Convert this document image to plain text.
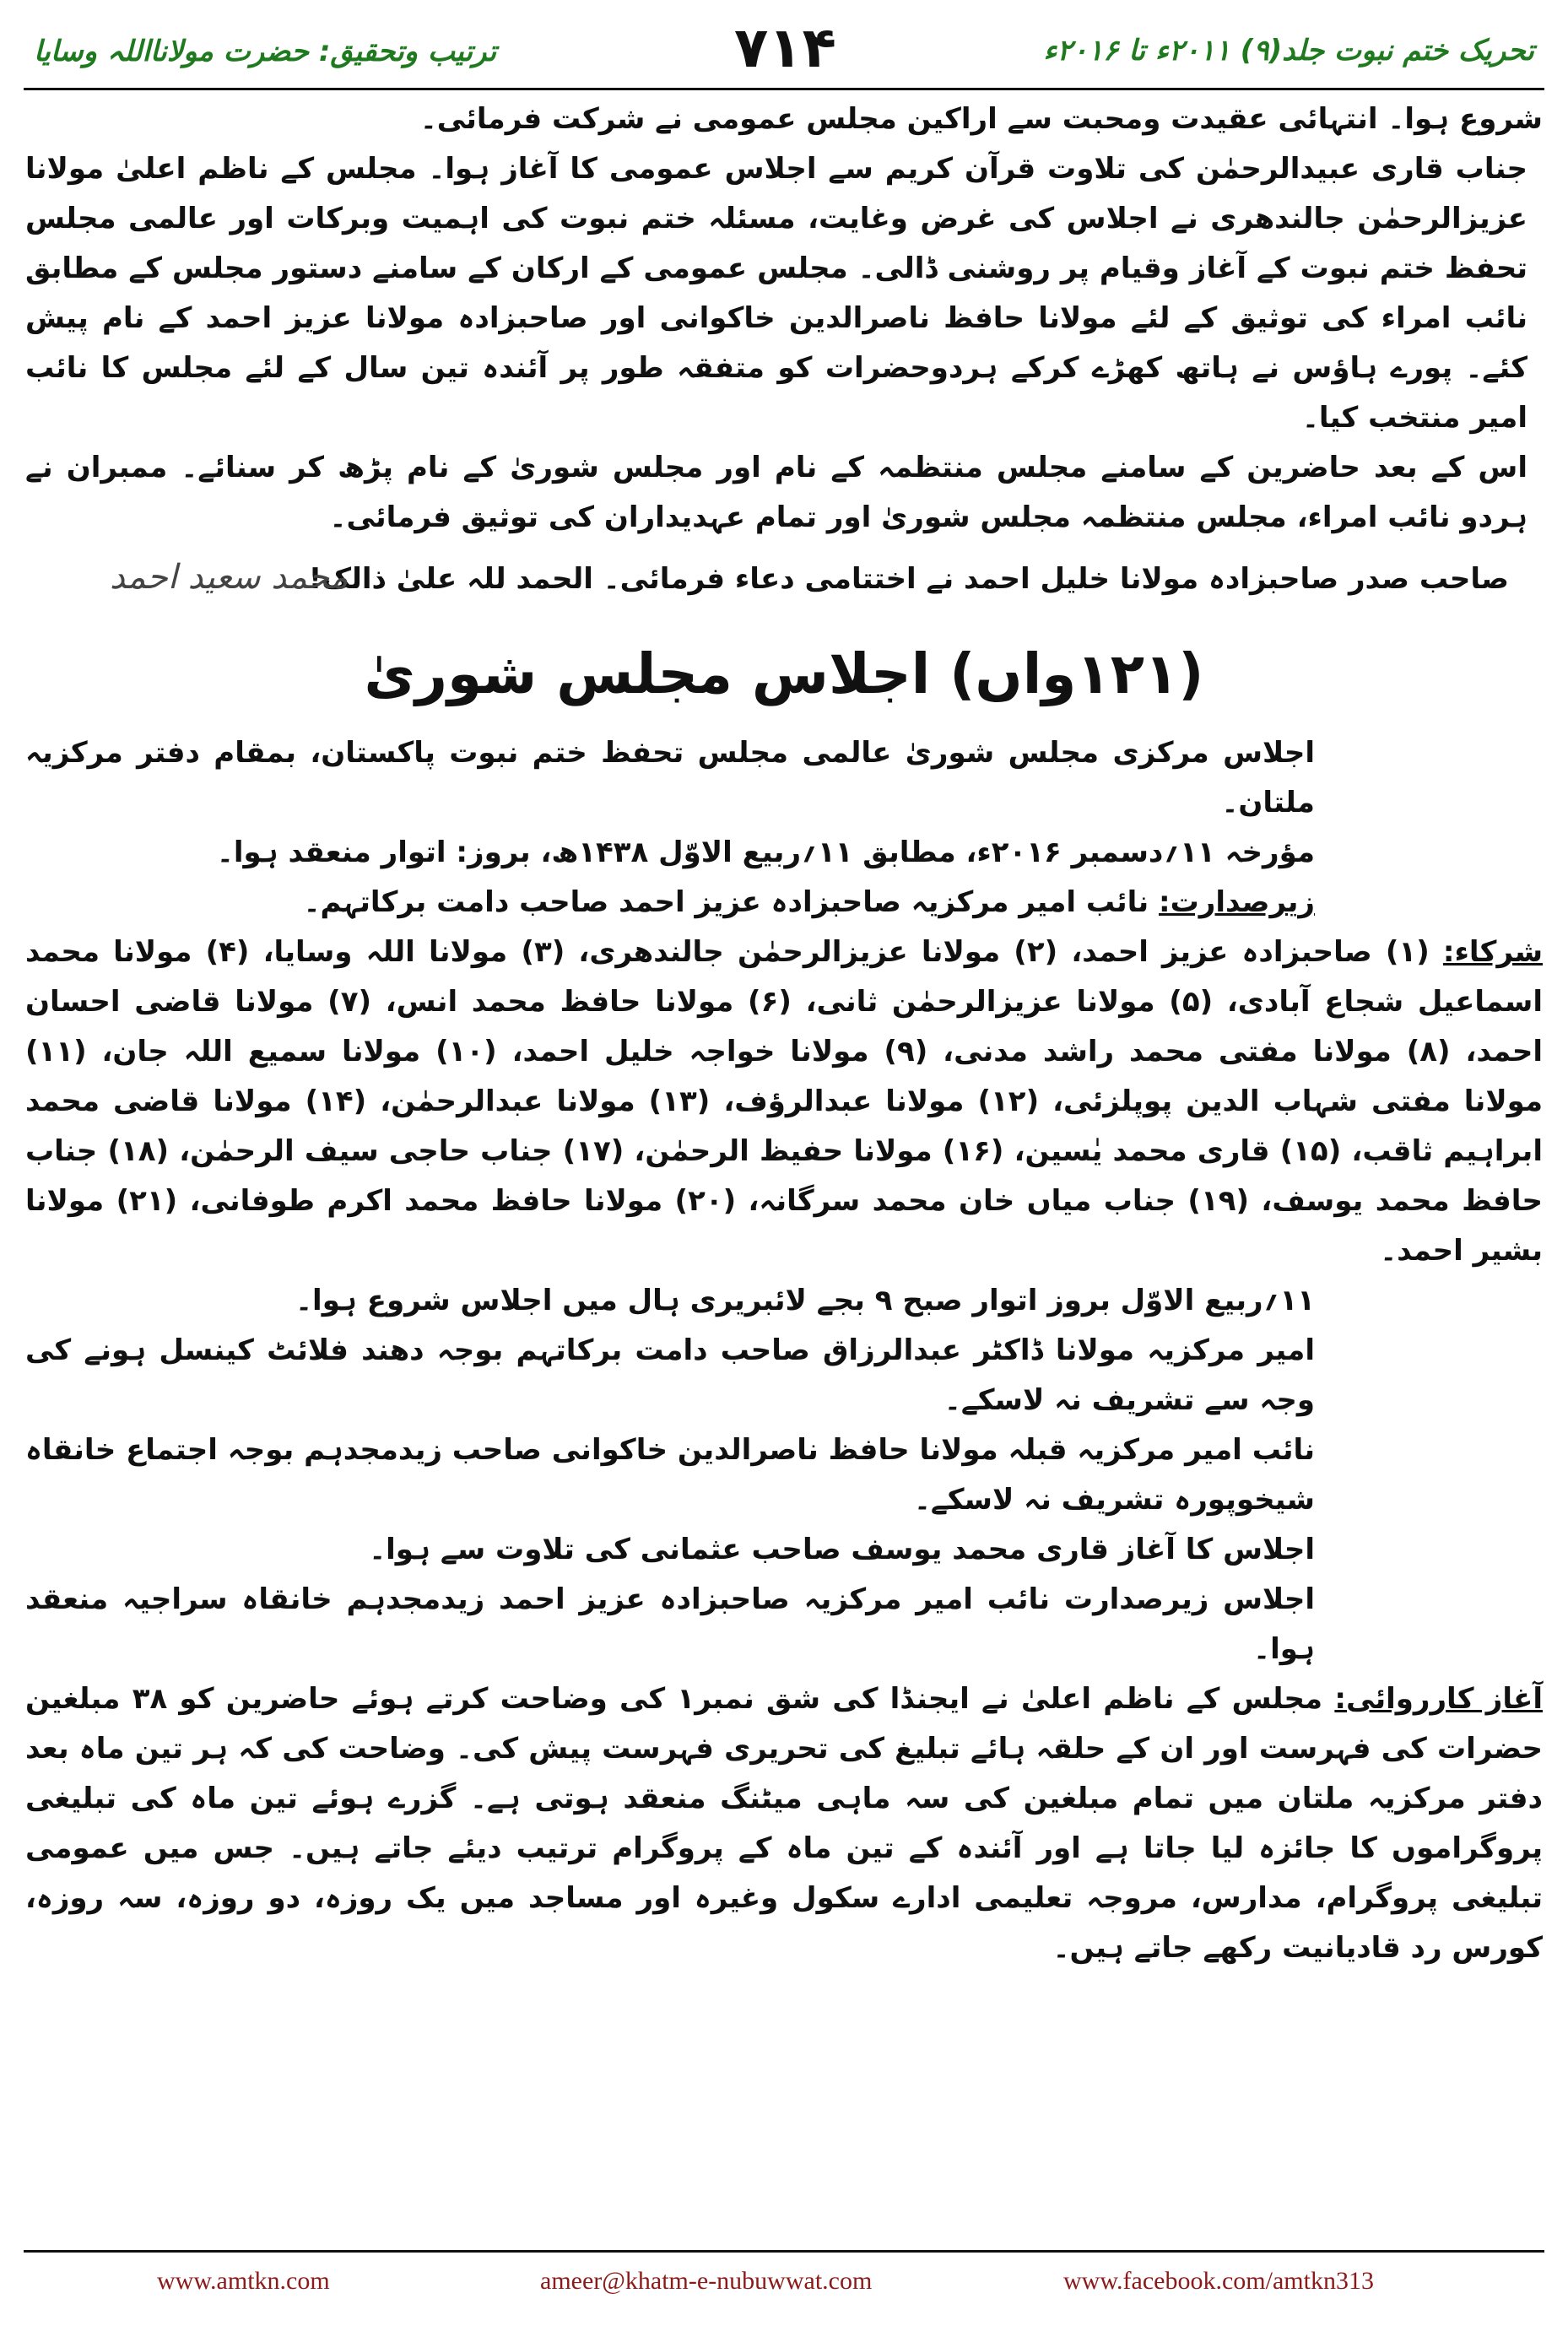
تحریک ختم نبوت جلد(۹) ۲۰۱۱ء تا ۲۰۱۶ء
۷۱۴
ترتیب وتحقیق: حضرت مولانااللہ وسایا

شروع ہوا۔ انتہائی عقیدت ومحبت سے اراکین مجلس عمومی نے شرکت فرمائی۔

جناب قاری عبیدالرحمٰن کی تلاوت قرآن کریم سے اجلاس عمومی کا آغاز ہوا۔ مجلس کے ناظم اعلیٰ مولانا عزیزالرحمٰن جالندھری نے اجلاس کی غرض وغایت، مسئلہ ختم نبوت کی اہمیت وبرکات اور عالمی مجلس تحفظ ختم نبوت کے آغاز وقیام پر روشنی ڈالی۔ مجلس عمومی کے ارکان کے سامنے دستور مجلس کے مطابق نائب امراء کی توثیق کے لئے مولانا حافظ ناصرالدین خاکوانی اور صاحبزادہ مولانا عزیز احمد کے نام پیش کئے۔ پورے ہاؤس نے ہاتھ کھڑے کرکے ہردوحضرات کو متفقہ طور پر آئندہ تین سال کے لئے مجلس کا نائب امیر منتخب کیا۔

اس کے بعد حاضرین کے سامنے مجلس منتظمہ کے نام اور مجلس شوریٰ کے نام پڑھ کر سنائے۔ ممبران نے ہردو نائب امراء، مجلس منتظمہ مجلس شوریٰ اور تمام عہدیداران کی توثیق فرمائی۔

صاحب صدر صاحبزادہ مولانا خلیل احمد نے اختتامی دعاء فرمائی۔ الحمد للہ علیٰ ذالک!
محمد سعید احمد
(۱۲۱واں) اجلاس مجلس شوریٰ

اجلاس مرکزی مجلس شوریٰ عالمی مجلس تحفظ ختم نبوت پاکستان، بمقام دفتر مرکزیہ ملتان۔

مؤرخہ ۱۱؍دسمبر ۲۰۱۶ء، مطابق ۱۱؍ربیع الاوّل ۱۴۳۸ھ، بروز: اتوار منعقد ہوا۔

زیرصدارت: نائب امیر مرکزیہ صاحبزادہ عزیز احمد صاحب دامت برکاتہم۔

شرکاء: (۱) صاحبزادہ عزیز احمد، (۲) مولانا عزیزالرحمٰن جالندھری، (۳) مولانا اللہ وسایا، (۴) مولانا محمد اسماعیل شجاع آبادی، (۵) مولانا عزیزالرحمٰن ثانی، (۶) مولانا حافظ محمد انس، (۷) مولانا قاضی احسان احمد، (۸) مولانا مفتی محمد راشد مدنی، (۹) مولانا خواجہ خلیل احمد، (۱۰) مولانا سمیع اللہ جان، (۱۱) مولانا مفتی شہاب الدین پوپلزئی، (۱۲) مولانا عبدالرؤف، (۱۳) مولانا عبدالرحمٰن، (۱۴) مولانا قاضی محمد ابراہیم ثاقب، (۱۵) قاری محمد یٰسین، (۱۶) مولانا حفیظ الرحمٰن، (۱۷) جناب حاجی سیف الرحمٰن، (۱۸) جناب حافظ محمد یوسف، (۱۹) جناب میاں خان محمد سرگانہ، (۲۰) مولانا حافظ محمد اکرم طوفانی، (۲۱) مولانا بشیر احمد۔

۱۱؍ربیع الاوّل بروز اتوار صبح ۹ بجے لائبریری ہال میں اجلاس شروع ہوا۔

امیر مرکزیہ مولانا ڈاکٹر عبدالرزاق صاحب دامت برکاتہم بوجہ دھند فلائٹ کینسل ہونے کی وجہ سے تشریف نہ لاسکے۔

نائب امیر مرکزیہ قبلہ مولانا حافظ ناصرالدین خاکوانی صاحب زیدمجدہم بوجہ اجتماع خانقاہ شیخوپورہ تشریف نہ لاسکے۔

اجلاس کا آغاز قاری محمد یوسف صاحب عثمانی کی تلاوت سے ہوا۔

اجلاس زیرصدارت نائب امیر مرکزیہ صاحبزادہ عزیز احمد زیدمجدہم خانقاہ سراجیہ منعقد ہوا۔

آغاز کارروائی: مجلس کے ناظم اعلیٰ نے ایجنڈا کی شق نمبر۱ کی وضاحت کرتے ہوئے حاضرین کو ۳۸ مبلغین حضرات کی فہرست اور ان کے حلقہ ہائے تبلیغ کی تحریری فہرست پیش کی۔ وضاحت کی کہ ہر تین ماہ بعد دفتر مرکزیہ ملتان میں تمام مبلغین کی سہ ماہی میٹنگ منعقد ہوتی ہے۔ گزرے ہوئے تین ماہ کی تبلیغی پروگراموں کا جائزہ لیا جاتا ہے اور آئندہ کے تین ماہ کے پروگرام ترتیب دیئے جاتے ہیں۔ جس میں عمومی تبلیغی پروگرام، مدارس، مروجہ تعلیمی ادارے سکول وغیرہ اور مساجد میں یک روزہ، دو روزہ، سہ روزہ، کورس رد قادیانیت رکھے جاتے ہیں۔

www.amtkn.com	ameer@khatm-e-nubuwwat.com	www.facebook.com/amtkn313
